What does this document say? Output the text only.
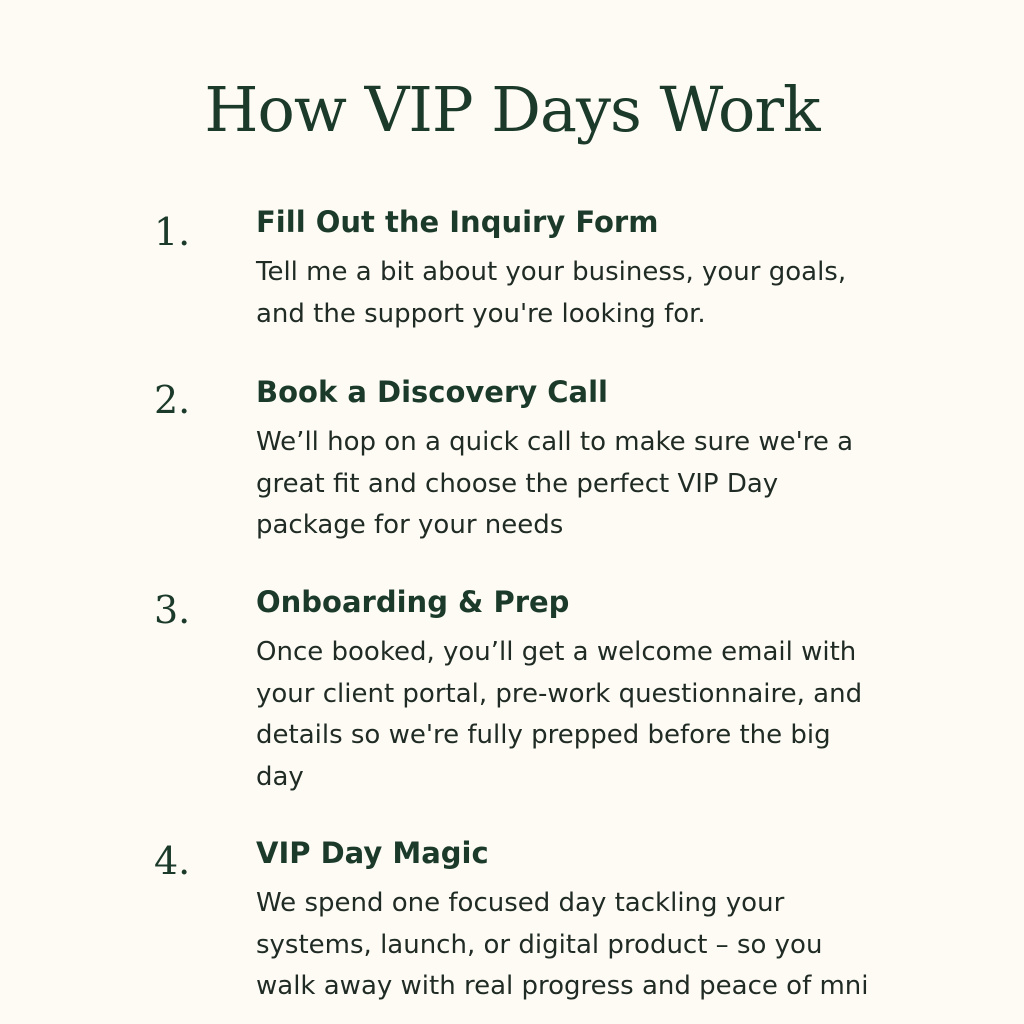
How VIP Days Work
1. Fill Out the Inquiry Form
Tell me a bit about your business, your goals,
and the support you're looking for.
2. Book a Discovery Call
We’ll hop on a quick call to make sure we're a
great fit and choose the perfect VIP Day
package for your needs
3. Onboarding & Prep
Once booked, you’ll get a welcome email with
your client portal, pre-work questionnaire, and
details so we're fully prepped before the big
day
4. VIP Day Magic
We spend one focused day tackling your
systems, launch, or digital product – so you
walk away with real progress and peace of mni
